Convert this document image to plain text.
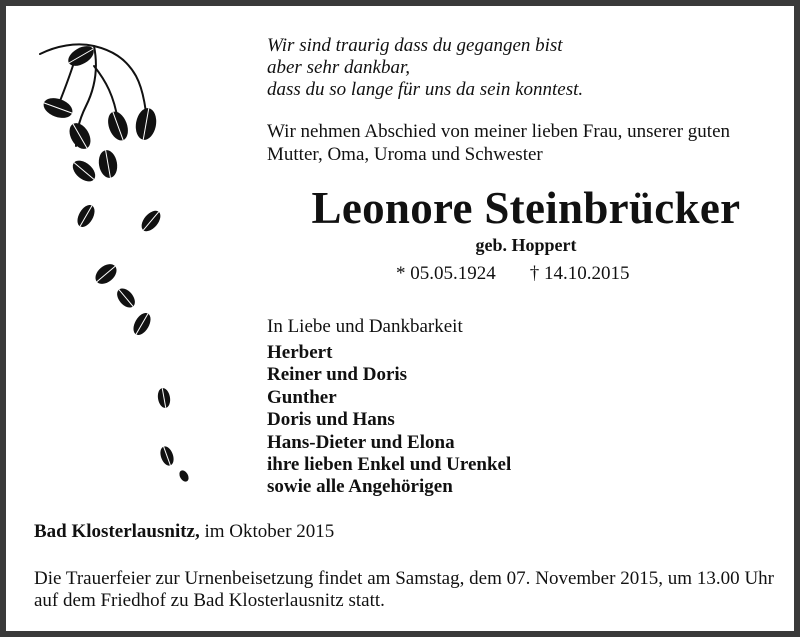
Wir sind traurig dass du gegangen bist
aber sehr dankbar,
dass du so lange für uns da sein konntest.
Wir nehmen Abschied von meiner lieben Frau, unserer guten Mutter, Oma, Uroma und Schwester
Leonore Steinbrücker
geb. Hoppert
* 05.05.1924 † 14.10.2015
In Liebe und Dankbarkeit
Herbert
Reiner und Doris
Gunther
Doris und Hans
Hans-Dieter und Elona
ihre lieben Enkel und Urenkel
sowie alle Angehörigen
Bad Klosterlausnitz, im Oktober 2015
Die Trauerfeier zur Urnenbeisetzung findet am Samstag, dem 07. November 2015, um 13.00 Uhr auf dem Friedhof zu Bad Klosterlausnitz statt.
